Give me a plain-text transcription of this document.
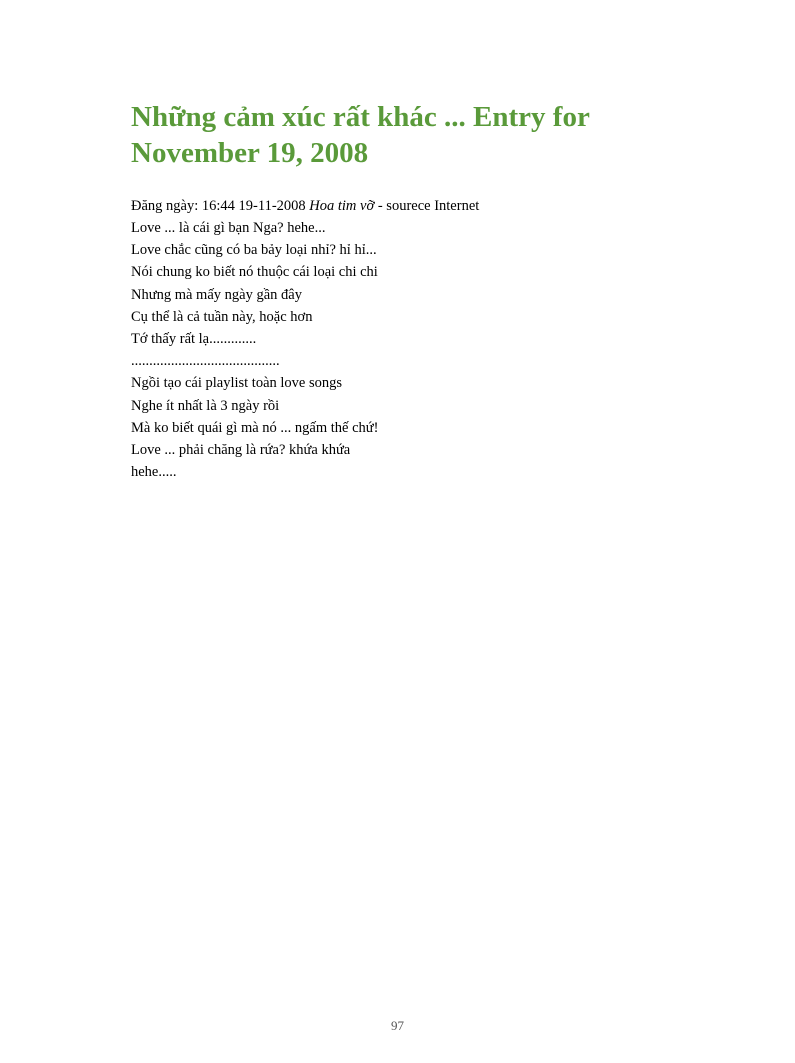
Những cảm xúc rất khác ... Entry for November 19, 2008
Đăng ngày: 16:44 19-11-2008 Hoa tim vỡ - sourece Internet
Love ... là cái gì bạn Nga? hehe...
Love chắc cũng có ba bảy loại nhỉ? hỉ hỉ...
Nói chung ko biết nó thuộc cái loại chi chi
Nhưng mà mấy ngày gần đây
Cụ thể là cả tuần này, hoặc hơn
Tớ thấy rất lạ.............
.........................................
Ngồi tạo cái playlist toàn love songs
Nghe ít nhất là 3 ngày rồi
Mà ko biết quái gì mà nó ... ngấm thế chứ!
Love ... phải chăng là rứa? khứa khứa
hehe.....
97
